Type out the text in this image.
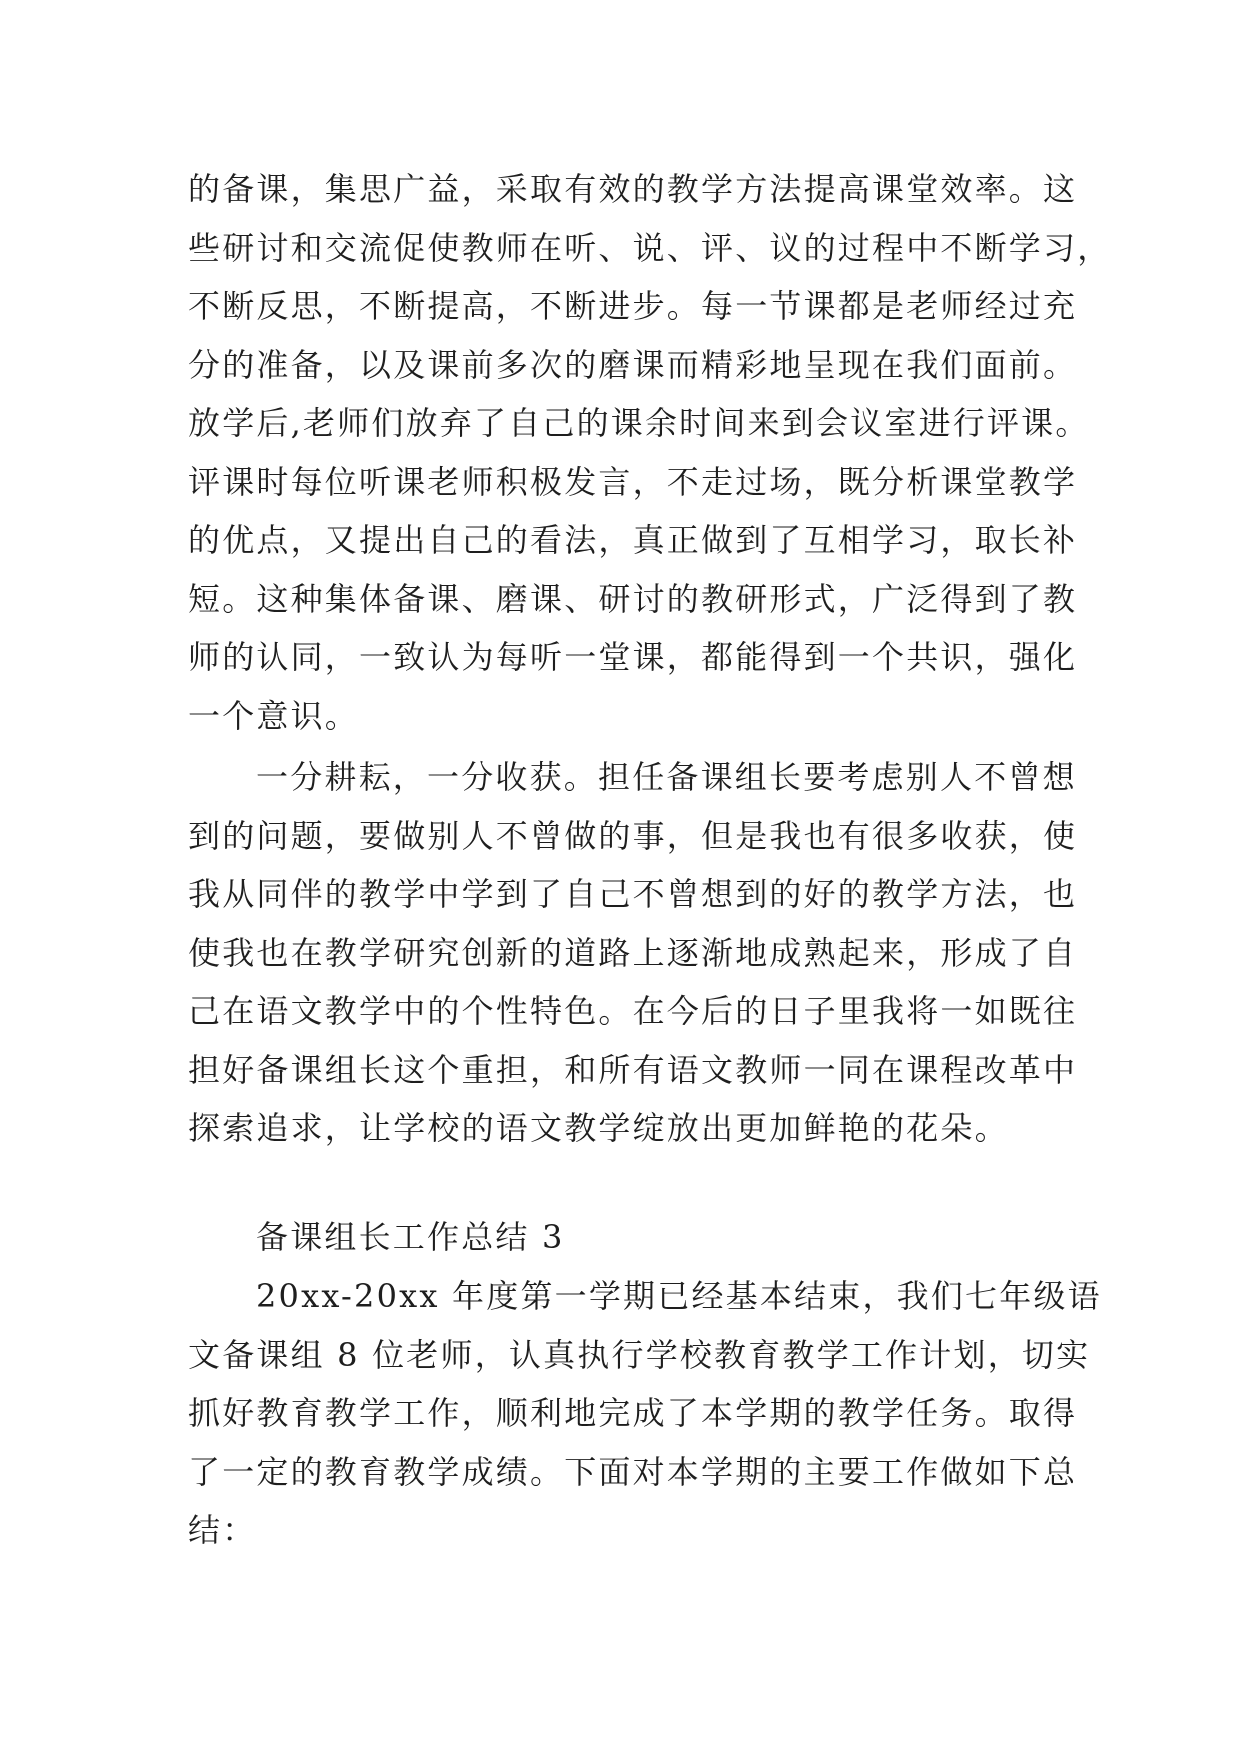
的备课，集思广益，采取有效的教学方法提高课堂效率。这
些研讨和交流促使教师在听、说、评、议的过程中不断学习，
不断反思，不断提高，不断进步。每一节课都是老师经过充
分的准备，以及课前多次的磨课而精彩地呈现在我们面前。
放学后,老师们放弃了自己的课余时间来到会议室进行评课。
评课时每位听课老师积极发言，不走过场，既分析课堂教学
的优点，又提出自己的看法，真正做到了互相学习，取长补
短。这种集体备课、磨课、研讨的教研形式，广泛得到了教
师的认同，一致认为每听一堂课，都能得到一个共识，强化
一个意识。
一分耕耘，一分收获。担任备课组长要考虑别人不曾想
到的问题，要做别人不曾做的事，但是我也有很多收获，使
我从同伴的教学中学到了自己不曾想到的好的教学方法，也
使我也在教学研究创新的道路上逐渐地成熟起来，形成了自
己在语文教学中的个性特色。在今后的日子里我将一如既往
担好备课组长这个重担，和所有语文教师一同在课程改革中
探索追求，让学校的语文教学绽放出更加鲜艳的花朵。
备课组长工作总结 3
20xx-20xx 年度第一学期已经基本结束，我们七年级语
文备课组 8 位老师，认真执行学校教育教学工作计划，切实
抓好教育教学工作，顺利地完成了本学期的教学任务。取得
了一定的教育教学成绩。下面对本学期的主要工作做如下总
结：
